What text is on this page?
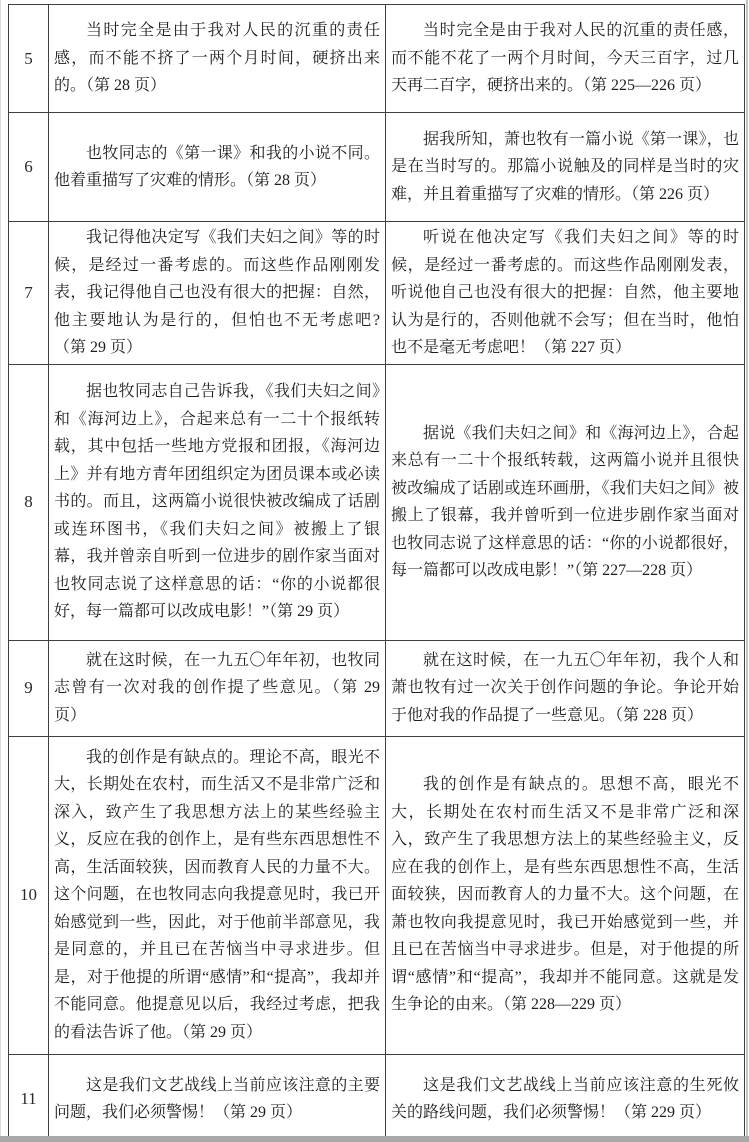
5	当时完全是由于我对人民的沉重的责任感，而不能不挤了一两个月时间，硬挤出来的。（第 28 页）	当时完全是由于我对人民的沉重的责任感，而不能不花了一两个月时间，今天三百字，过几天再二百字，硬挤出来的。（第 225—226 页）

6	也牧同志的《第一课》和我的小说不同。他着重描写了灾难的情形。（第 28 页）	据我所知，萧也牧有一篇小说《第一课》，也是在当时写的。那篇小说触及的同样是当时的灾难，并且着重描写了灾难的情形。（第 226 页）

7	我记得他决定写《我们夫妇之间》等的时候，是经过一番考虑的。而这些作品刚刚发表，我记得他自己也没有很大的把握：自然，他主要地认为是行的，但怕也不无考虑吧?（第 29 页）	听说在他决定写《我们夫妇之间》等的时候，是经过一番考虑的。而这些作品刚刚发表，听说他自己也没有很大的把握：自然，他主要地认为是行的，否则他就不会写；但在当时，他怕也不是毫无考虑吧！（第 227 页）

8	据也牧同志自己告诉我，《我们夫妇之间》和《海河边上》，合起来总有一二十个报纸转载，其中包括一些地方党报和团报，《海河边上》并有地方青年团组织定为团员课本或必读书的。而且，这两篇小说很快被改编成了话剧或连环图书，《我们夫妇之间》被搬上了银幕，我并曾亲自听到一位进步的剧作家当面对也牧同志说了这样意思的话：“你的小说都很好，每一篇都可以改成电影！”（第 29 页）	据说《我们夫妇之间》和《海河边上》，合起来总有一二十个报纸转载，这两篇小说并且很快被改编成了话剧或连环画册，《我们夫妇之间》被搬上了银幕，我并曾听到一位进步剧作家当面对也牧同志说了这样意思的话：“你的小说都很好，每一篇都可以改成电影！”（第 227—228 页）

9	就在这时候，在一九五〇年年初，也牧同志曾有一次对我的创作提了些意见。（第 29 页）	就在这时候，在一九五〇年年初，我个人和萧也牧有过一次关于创作问题的争论。争论开始于他对我的作品提了一些意见。（第 228 页）

10	我的创作是有缺点的。理论不高，眼光不大，长期处在农村，而生活又不是非常广泛和深入，致产生了我思想方法上的某些经验主义，反应在我的创作上，是有些东西思想性不高，生活面较狭，因而教育人民的力量不大。这个问题，在也牧同志向我提意见时，我已开始感觉到一些，因此，对于他前半部意见，我是同意的，并且已在苦恼当中寻求进步。但是，对于他提的所谓“感情”和“提高”，我却并不能同意。他提意见以后，我经过考虑，把我的看法告诉了他。（第 29 页）	我的创作是有缺点的。思想不高，眼光不大，长期处在农村而生活又不是非常广泛和深入，致产生了我思想方法上的某些经验主义，反应在我的创作上，是有些东西思想性不高，生活面较狭，因而教育人的力量不大。这个问题，在萧也牧向我提意见时，我已开始感觉到一些，并且已在苦恼当中寻求进步。但是，对于他提的所谓“感情”和“提高”，我却并不能同意。这就是发生争论的由来。（第 228—229 页）

11	这是我们文艺战线上当前应该注意的主要问题，我们必须警惕！（第 29 页）	这是我们文艺战线上当前应该注意的生死攸关的路线问题，我们必须警惕！（第 229 页）
